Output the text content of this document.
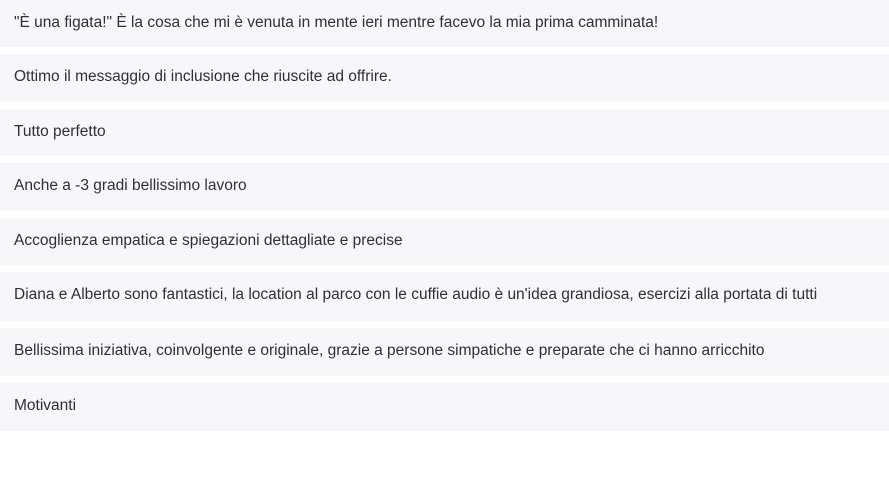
"È una figata!" È la cosa che mi è venuta in mente ieri mentre facevo la mia prima camminata!
Ottimo il messaggio di inclusione che riuscite ad offrire.
Tutto perfetto
Anche a -3 gradi bellissimo lavoro
Accoglienza empatica e spiegazioni dettagliate e precise
Diana e Alberto sono fantastici, la location al parco con le cuffie audio è un'idea grandiosa, esercizi alla portata di tutti
Bellissima iniziativa, coinvolgente e originale, grazie a persone simpatiche e preparate che ci hanno arricchito
Motivanti
